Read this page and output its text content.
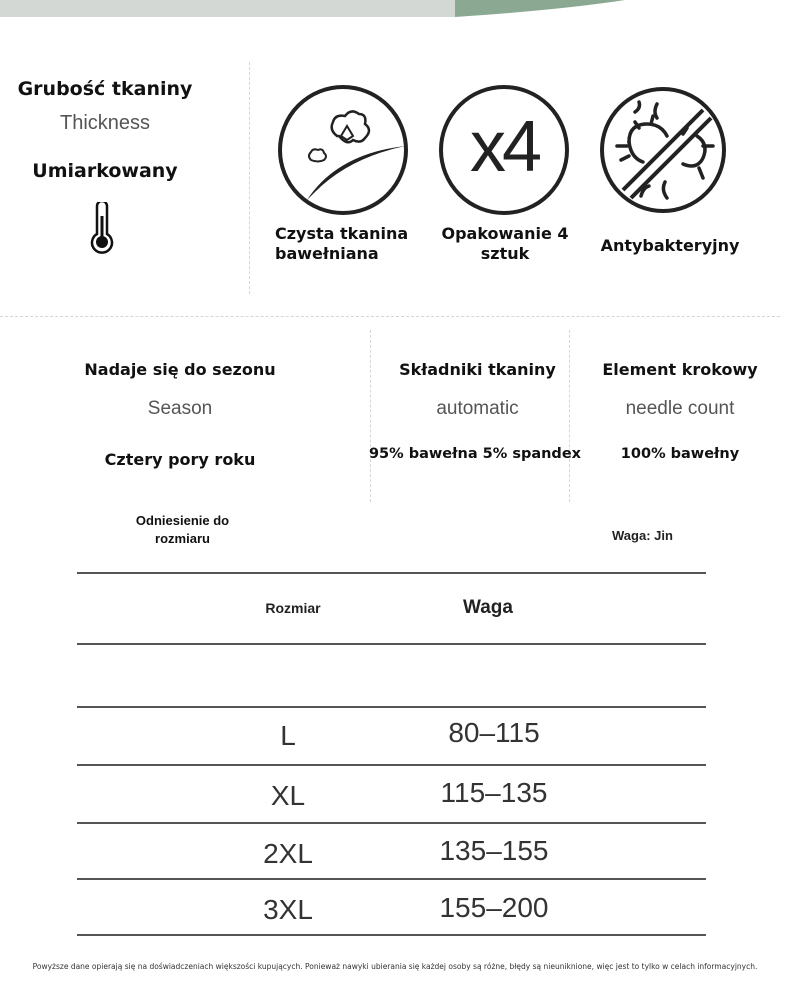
Grubość tkaniny
Thickness
Umiarkowany
Czysta tkanina
bawełniana
x4
Opakowanie 4
sztuk	Antybakteryjny
Nadaje się do sezonu
Season
Cztery pory roku
Składniki tkaniny
automatic
95% bawełna 5% spandex
Element krokowy
needle count
100% bawełny
Odniesienie do
rozmiaru	Waga: Jin
Rozmiar	Waga
L	80–115
XL	115–135
2XL	135–155
3XL	155–200
Powyższe dane opierają się na doświadczeniach większości kupujących. Ponieważ nawyki ubierania się każdej osoby są różne, błędy są nieuniknione, więc jest to tylko w celach informacyjnych.
